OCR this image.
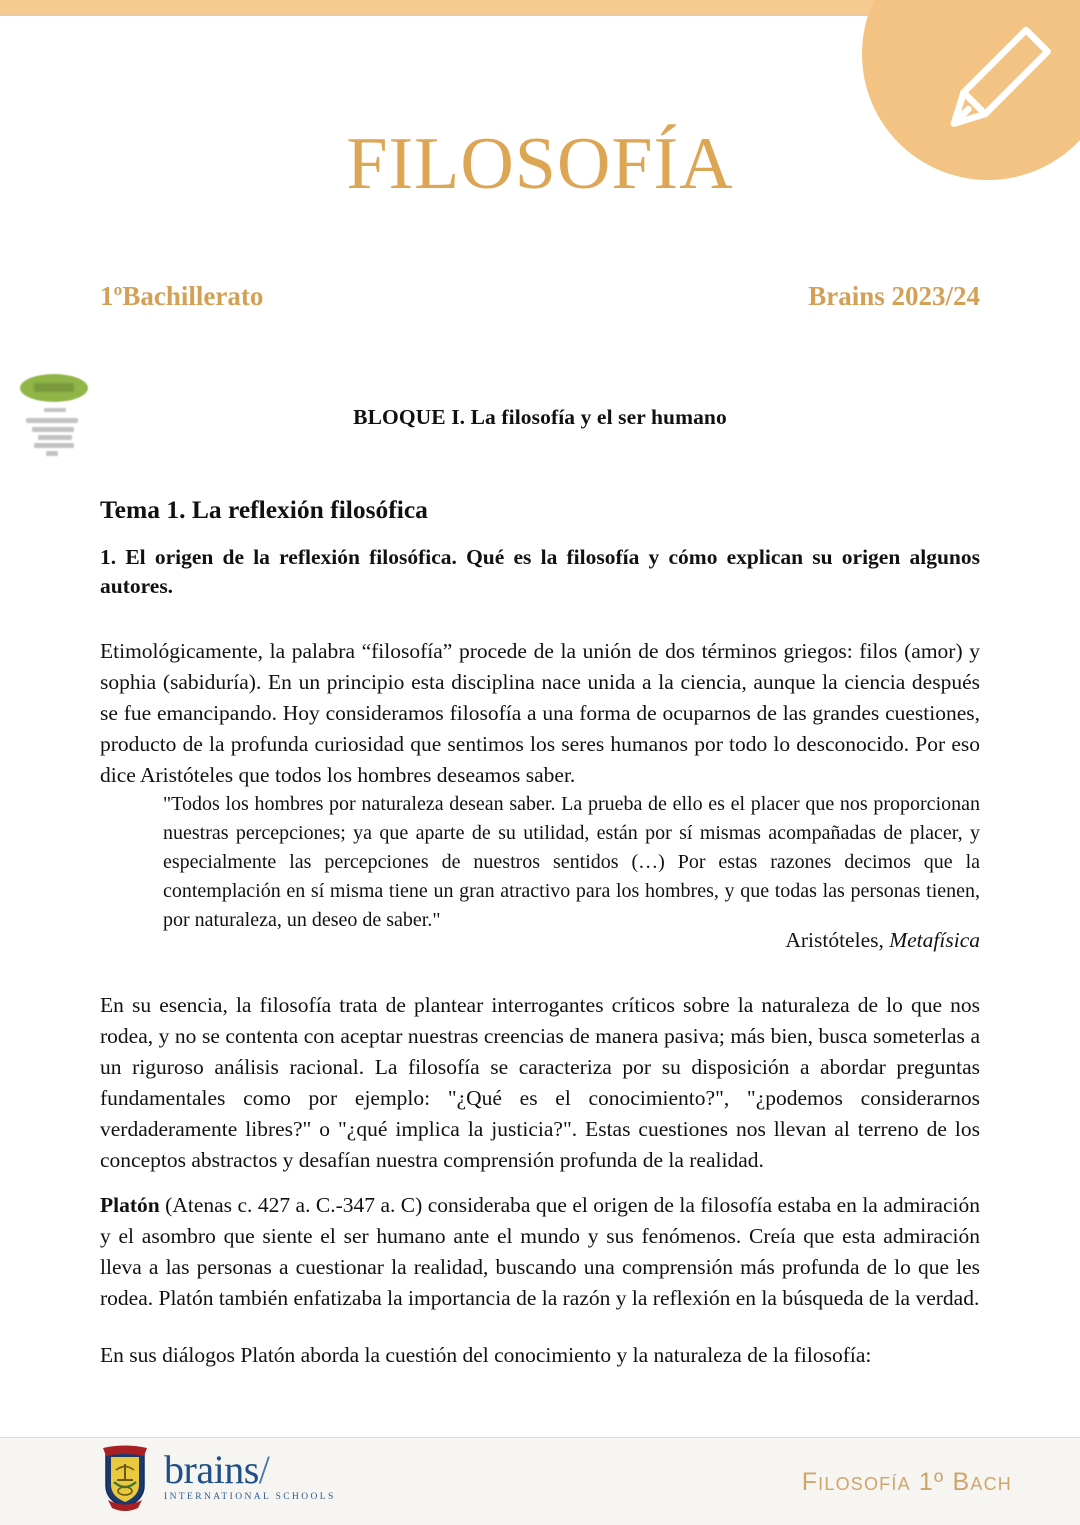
FILOSOFÍA
1ºBachillerato	Brains 2023/24
BLOQUE I. La filosofía y el ser humano
Tema 1. La reflexión filosófica
1. El origen de la reflexión filosófica. Qué es la filosofía y cómo explican su origen algunos autores.

Etimológicamente, la palabra “filosofía” procede de la unión de dos términos griegos: filos (amor) y sophia (sabiduría). En un principio esta disciplina nace unida a la ciencia, aunque la ciencia después se fue emancipando. Hoy consideramos filosofía a una forma de ocuparnos de las grandes cuestiones, producto de la profunda curiosidad que sentimos los seres humanos por todo lo desconocido. Por eso dice Aristóteles que todos los hombres deseamos saber.

"Todos los hombres por naturaleza desean saber. La prueba de ello es el placer que nos proporcionan nuestras percepciones; ya que aparte de su utilidad, están por sí mismas acompañadas de placer, y especialmente las percepciones de nuestros sentidos (…) Por estas razones decimos que la contemplación en sí misma tiene un gran atractivo para los hombres, y que todas las personas tienen, por naturaleza, un deseo de saber."
Aristóteles, Metafísica

En su esencia, la filosofía trata de plantear interrogantes críticos sobre la naturaleza de lo que nos rodea, y no se contenta con aceptar nuestras creencias de manera pasiva; más bien, busca someterlas a un riguroso análisis racional. La filosofía se caracteriza por su disposición a abordar preguntas fundamentales como por ejemplo: "¿Qué es el conocimiento?", "¿podemos considerarnos verdaderamente libres?" o "¿qué implica la justicia?". Estas cuestiones nos llevan al terreno de los conceptos abstractos y desafían nuestra comprensión profunda de la realidad.

Platón (Atenas c. 427 a. C.-347 a. C) consideraba que el origen de la filosofía estaba en la admiración y el asombro que siente el ser humano ante el mundo y sus fenómenos. Creía que esta admiración lleva a las personas a cuestionar la realidad, buscando una comprensión más profunda de lo que les rodea. Platón también enfatizaba la importancia de la razón y la reflexión en la búsqueda de la verdad.

En sus diálogos Platón aborda la cuestión del conocimiento y la naturaleza de la filosofía:

brains/
INTERNATIONAL SCHOOLS
Filosofía 1º Bach
